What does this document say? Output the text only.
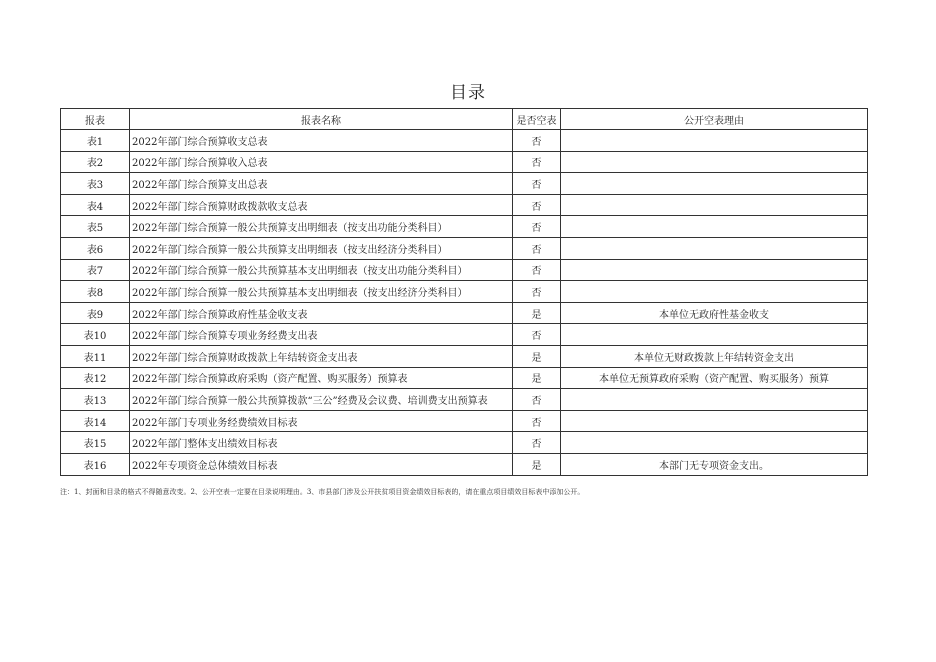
目录
报表	报表名称	是否空表	公开空表理由
表1	2022年部门综合预算收支总表	否	
表2	2022年部门综合预算收入总表	否	
表3	2022年部门综合预算支出总表	否	
表4	2022年部门综合预算财政拨款收支总表	否	
表5	2022年部门综合预算一般公共预算支出明细表（按支出功能分类科目）	否	
表6	2022年部门综合预算一般公共预算支出明细表（按支出经济分类科目）	否	
表7	2022年部门综合预算一般公共预算基本支出明细表（按支出功能分类科目）	否	
表8	2022年部门综合预算一般公共预算基本支出明细表（按支出经济分类科目）	否	
表9	2022年部门综合预算政府性基金收支表	是	本单位无政府性基金收支
表10	2022年部门综合预算专项业务经费支出表	否	
表11	2022年部门综合预算财政拨款上年结转资金支出表	是	本单位无财政拨款上年结转资金支出
表12	2022年部门综合预算政府采购（资产配置、购买服务）预算表	是	本单位无预算政府采购（资产配置、购买服务）预算
表13	2022年部门综合预算一般公共预算拨款“三公”经费及会议费、培训费支出预算表	否	
表14	2022年部门专项业务经费绩效目标表	否	
表15	2022年部门整体支出绩效目标表	否	
表16	2022年专项资金总体绩效目标表	是	本部门无专项资金支出。
注：1、封面和目录的格式不得随意改变。2、公开空表一定要在目录说明理由。3、市县部门涉及公开扶贫项目资金绩效目标表的，请在重点项目绩效目标表中添加公开。
